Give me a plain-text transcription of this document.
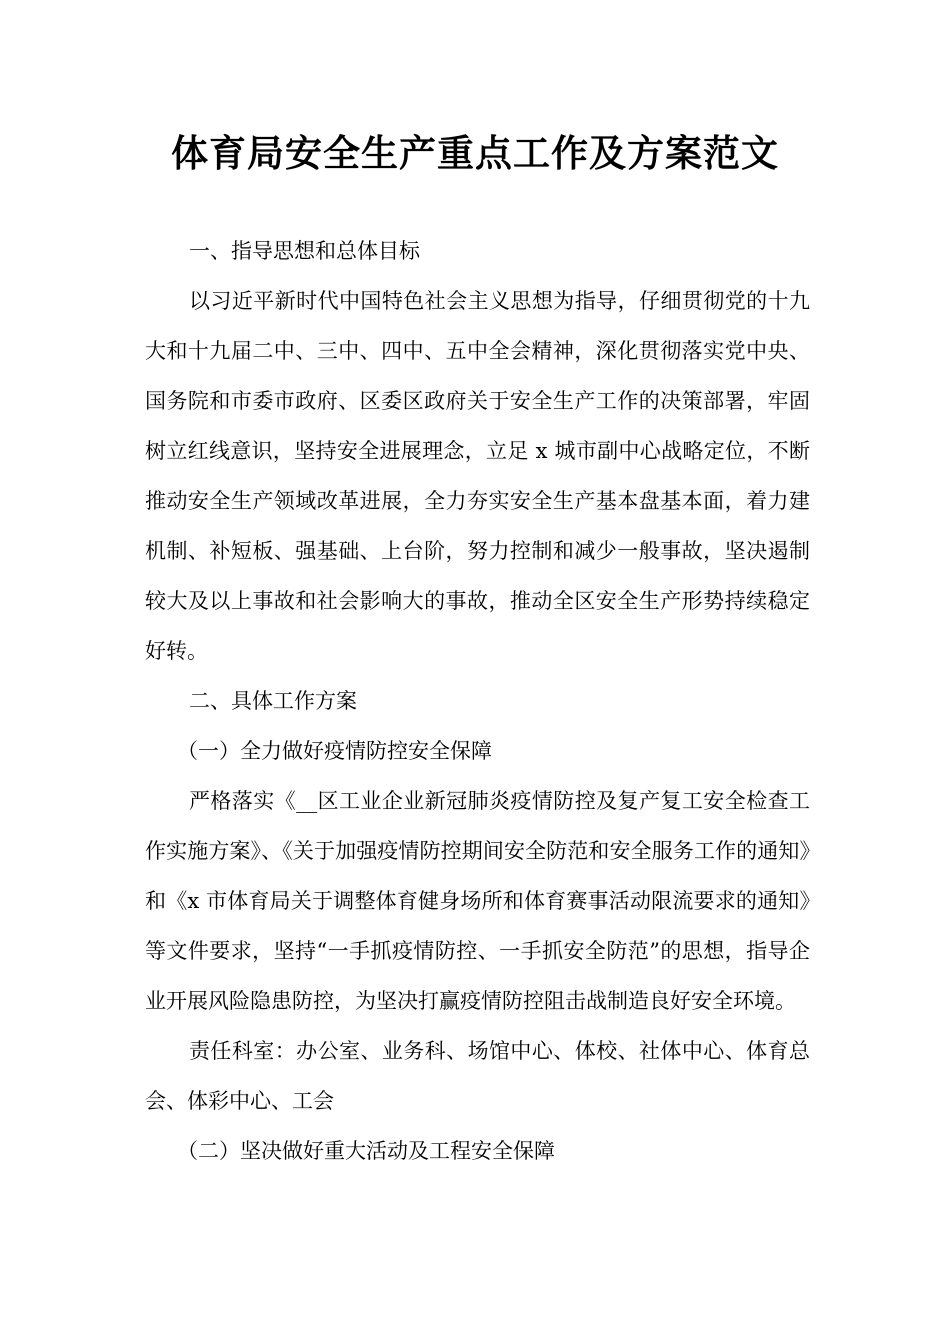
体育局安全生产重点工作及方案范文

一、指导思想和总体目标

以习近平新时代中国特色社会主义思想为指导，仔细贯彻党的十九大和十九届二中、三中、四中、五中全会精神，深化贯彻落实党中央、国务院和市委市政府、区委区政府关于安全生产工作的决策部署，牢固树立红线意识，坚持安全进展理念，立足 x 城市副中心战略定位，不断推动安全生产领域改革进展，全力夯实安全生产基本盘基本面，着力建机制、补短板、强基础、上台阶，努力控制和减少一般事故，坚决遏制较大及以上事故和社会影响大的事故，推动全区安全生产形势持续稳定好转。

二、具体工作方案

（一）全力做好疫情防控安全保障

严格落实《__区工业企业新冠肺炎疫情防控及复产复工安全检查工作实施方案》、《关于加强疫情防控期间安全防范和安全服务工作的通知》和《x 市体育局关于调整体育健身场所和体育赛事活动限流要求的通知》等文件要求，坚持“一手抓疫情防控、一手抓安全防范”的思想，指导企业开展风险隐患防控，为坚决打赢疫情防控阻击战制造良好安全环境。

责任科室：办公室、业务科、场馆中心、体校、社体中心、体育总会、体彩中心、工会

（二）坚决做好重大活动及工程安全保障
